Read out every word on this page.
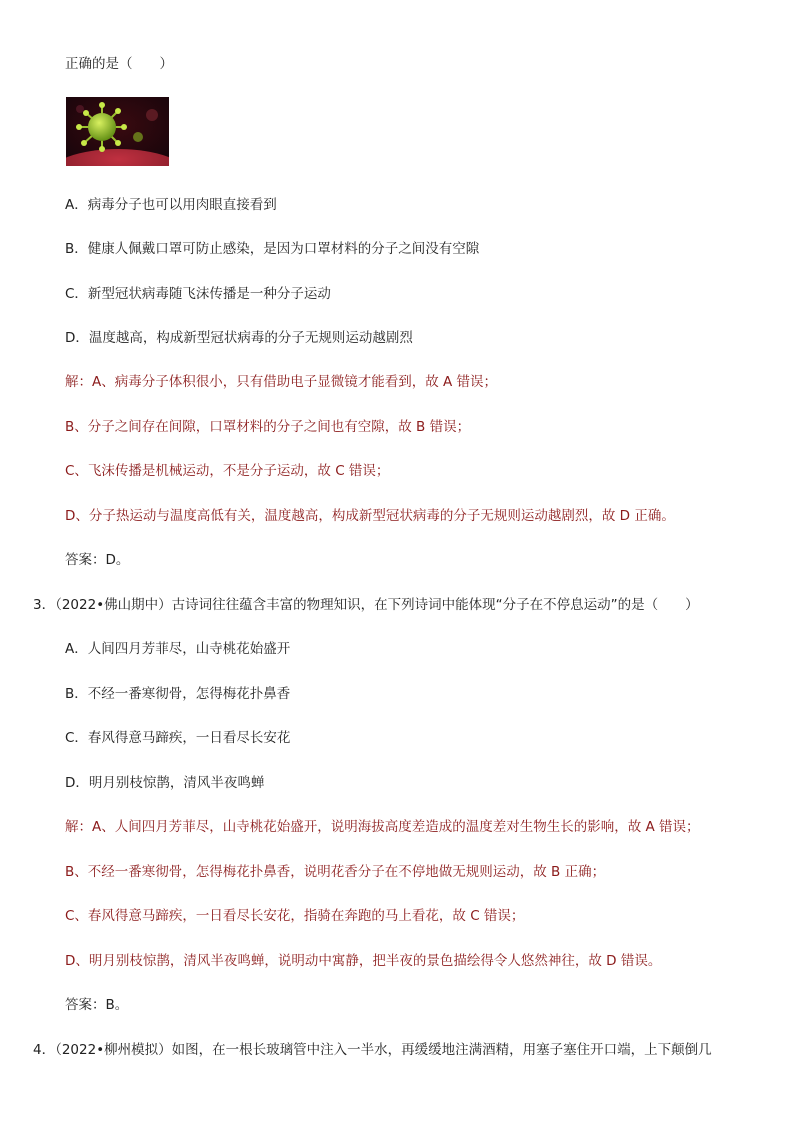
正确的是（　　）
A．病毒分子也可以用肉眼直接看到
B．健康人佩戴口罩可防止感染，是因为口罩材料的分子之间没有空隙
C．新型冠状病毒随飞沫传播是一种分子运动
D．温度越高，构成新型冠状病毒的分子无规则运动越剧烈
解：A、病毒分子体积很小，只有借助电子显微镜才能看到，故 A 错误；
B、分子之间存在间隙，口罩材料的分子之间也有空隙，故 B 错误；
C、飞沫传播是机械运动，不是分子运动，故 C 错误；
D、分子热运动与温度高低有关，温度越高，构成新型冠状病毒的分子无规则运动越剧烈，故 D 正确。
答案：D。
3．（2022•佛山期中）古诗词往往蕴含丰富的物理知识，在下列诗词中能体现“分子在不停息运动”的是（　　）
A．人间四月芳菲尽，山寺桃花始盛开
B．不经一番寒彻骨，怎得梅花扑鼻香
C．春风得意马蹄疾，一日看尽长安花
D．明月别枝惊鹊，清风半夜鸣蝉
解：A、人间四月芳菲尽，山寺桃花始盛开，说明海拔高度差造成的温度差对生物生长的影响，故 A 错误；
B、不经一番寒彻骨，怎得梅花扑鼻香，说明花香分子在不停地做无规则运动，故 B 正确；
C、春风得意马蹄疾，一日看尽长安花，指骑在奔跑的马上看花，故 C 错误；
D、明月别枝惊鹊，清风半夜鸣蝉，说明动中寓静，把半夜的景色描绘得令人悠然神往，故 D 错误。
答案：B。
4．（2022•柳州模拟）如图，在一根长玻璃管中注入一半水，再缓缓地注满酒精，用塞子塞住开口端，上下颠倒几
